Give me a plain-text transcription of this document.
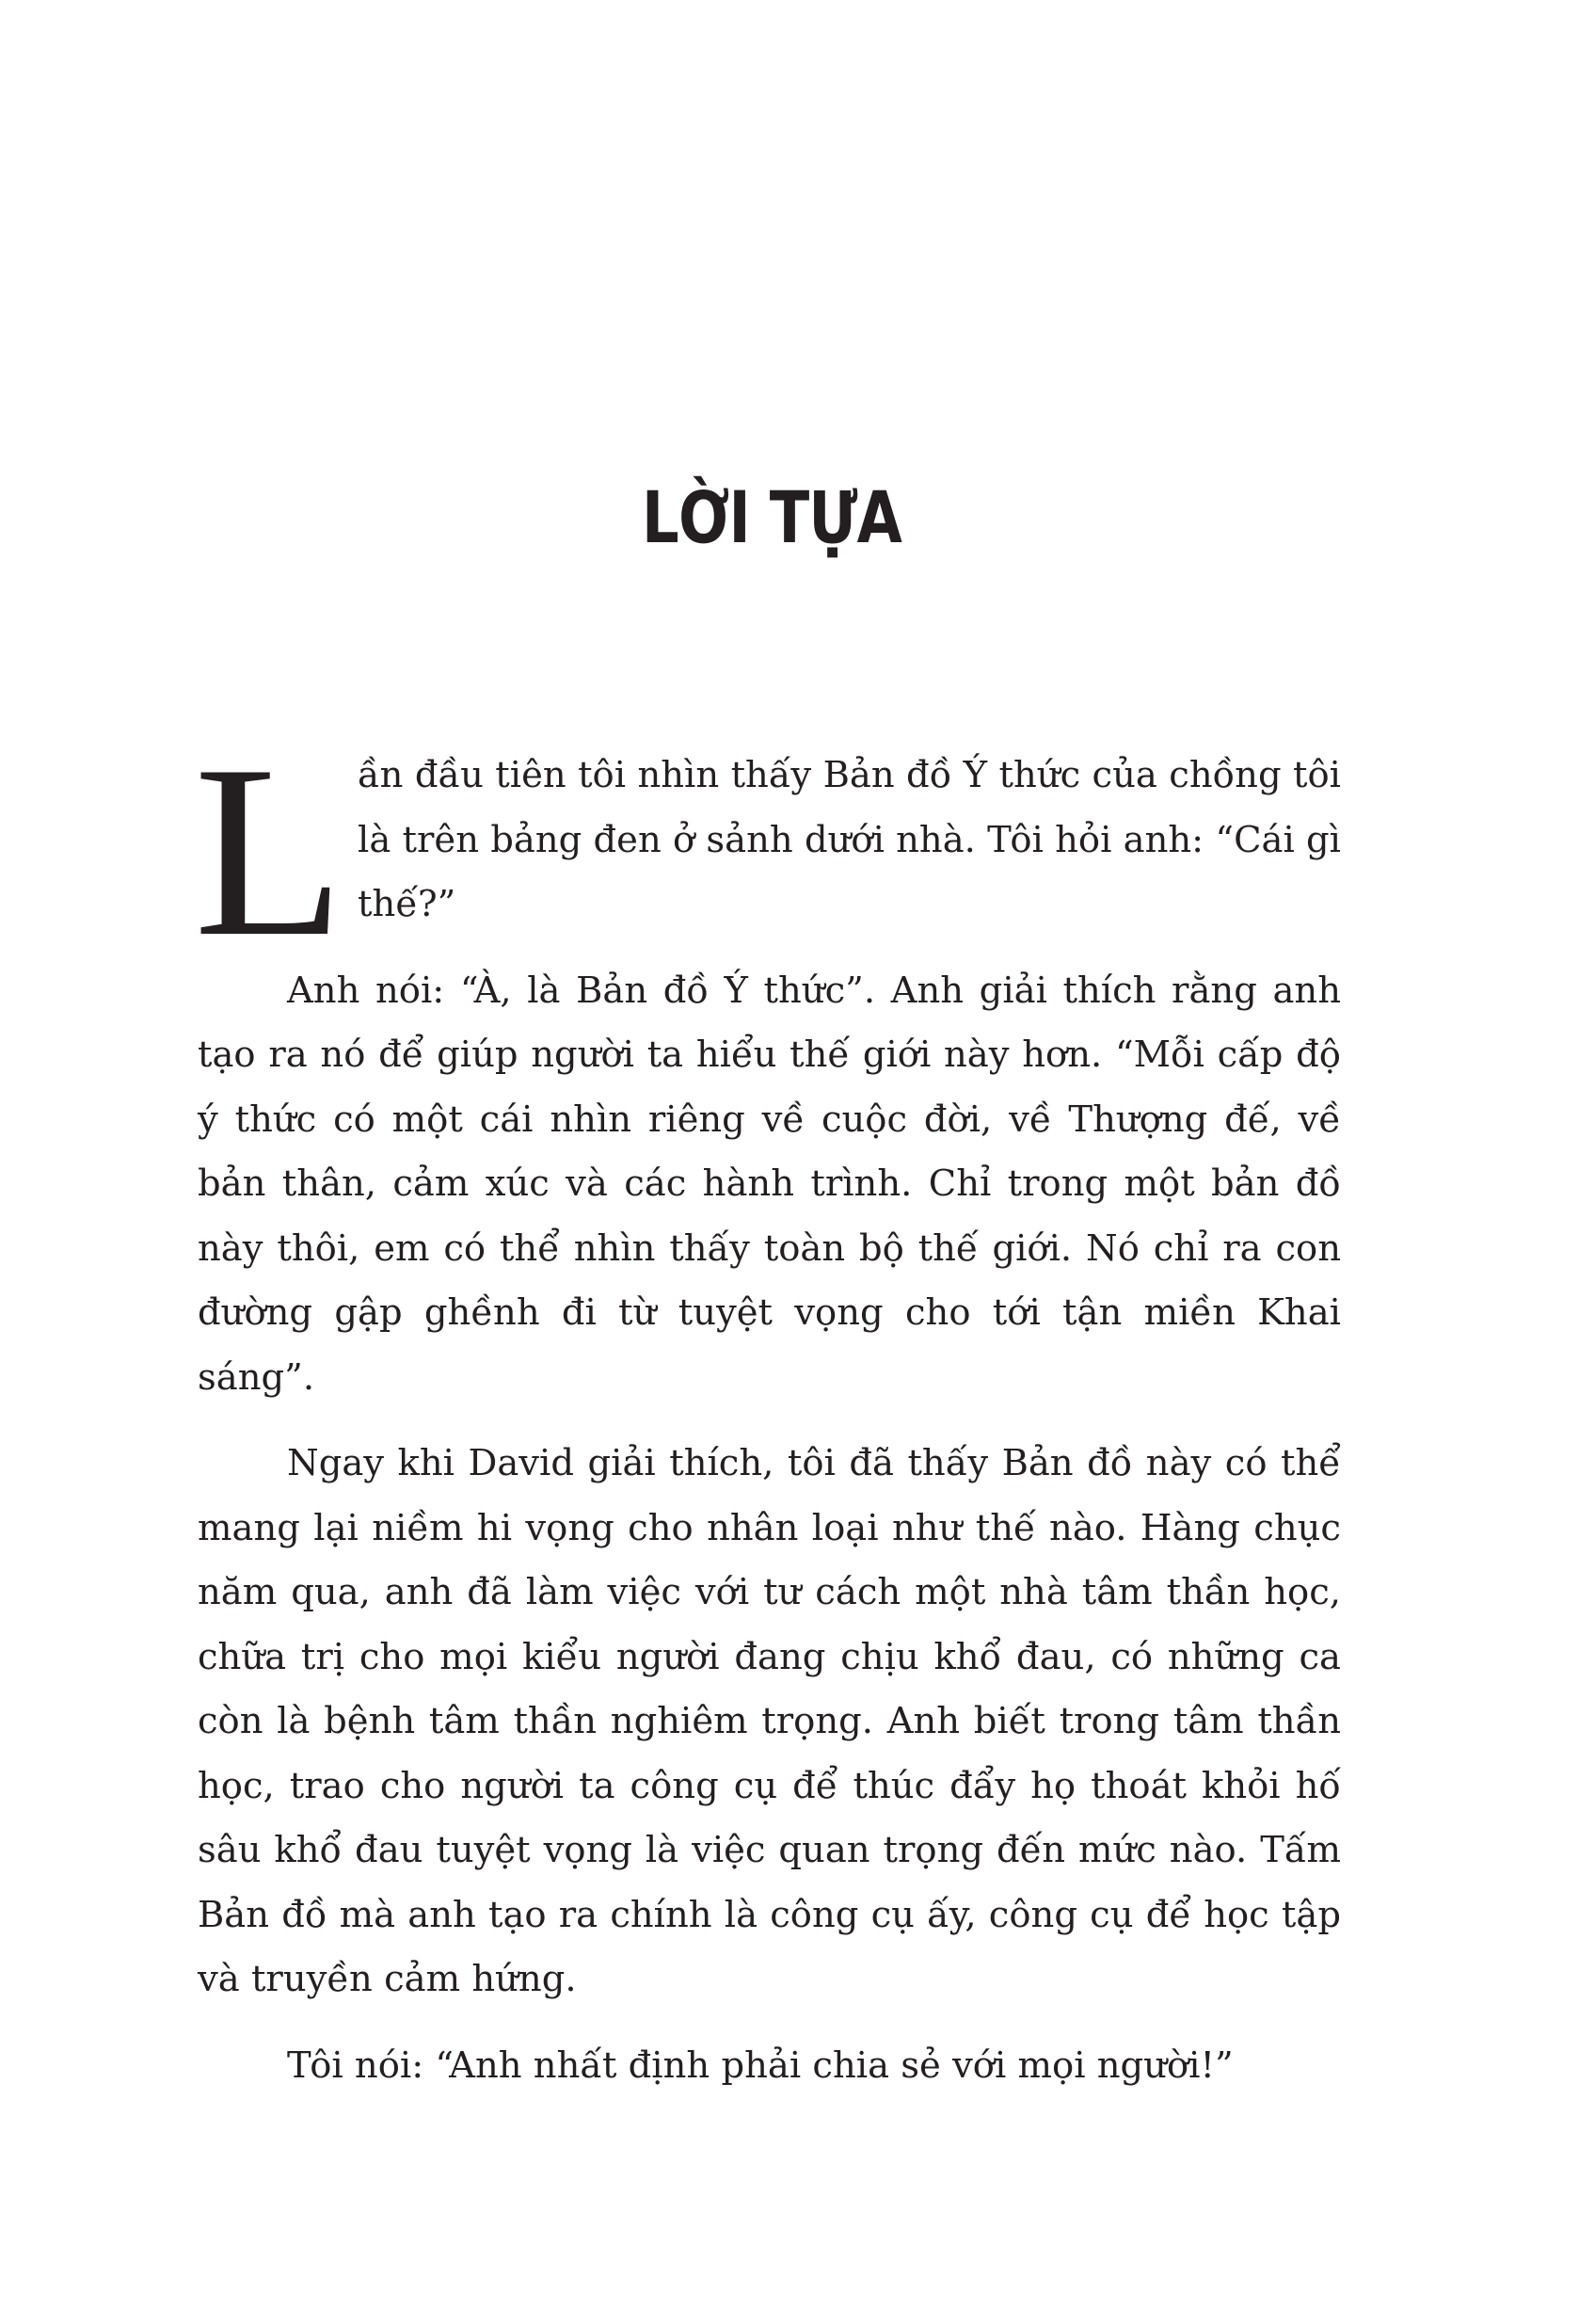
LỜI TỰA

Lần đầu tiên tôi nhìn thấy Bản đồ Ý thức của chồng tôi là trên bảng đen ở sảnh dưới nhà. Tôi hỏi anh: “Cái gì thế?”

Anh nói: “À, là Bản đồ Ý thức”. Anh giải thích rằng anh tạo ra nó để giúp người ta hiểu thế giới này hơn. “Mỗi cấp độ ý thức có một cái nhìn riêng về cuộc đời, về Thượng đế, về bản thân, cảm xúc và các hành trình. Chỉ trong một bản đồ này thôi, em có thể nhìn thấy toàn bộ thế giới. Nó chỉ ra con đường gập ghềnh đi từ tuyệt vọng cho tới tận miền Khai sáng”.

Ngay khi David giải thích, tôi đã thấy Bản đồ này có thể mang lại niềm hi vọng cho nhân loại như thế nào. Hàng chục năm qua, anh đã làm việc với tư cách một nhà tâm thần học, chữa trị cho mọi kiểu người đang chịu khổ đau, có những ca còn là bệnh tâm thần nghiêm trọng. Anh biết trong tâm thần học, trao cho người ta công cụ để thúc đẩy họ thoát khỏi hố sâu khổ đau tuyệt vọng là việc quan trọng đến mức nào. Tấm Bản đồ mà anh tạo ra chính là công cụ ấy, công cụ để học tập và truyền cảm hứng.

Tôi nói: “Anh nhất định phải chia sẻ với mọi người!”
